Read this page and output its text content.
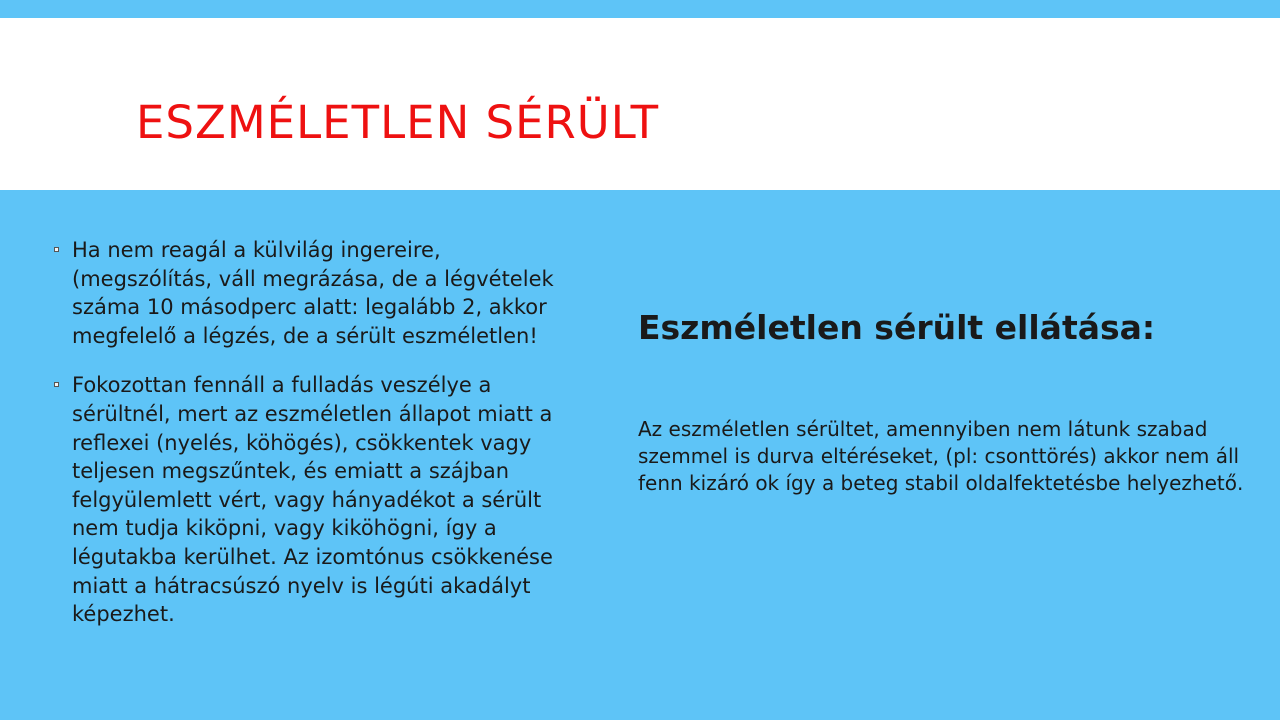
ESZMÉLETLEN SÉRÜLT
Ha nem reagál a külvilág ingereire, (megszólítás, váll megrázása, de a légvételek száma 10 másodperc alatt: legalább 2, akkor megfelelő a légzés, de a sérült eszméletlen!
Fokozottan fennáll a fulladás veszélye a sérültnél, mert az eszméletlen állapot miatt a reflexei (nyelés, köhögés), csökkentek vagy teljesen megszűntek, és emiatt a szájban felgyülemlett vért, vagy hányadékot a sérült nem tudja kiköpni, vagy kiköhögni, így a légutakba kerülhet. Az izomtónus csökkenése miatt a hátracsúszó nyelv is légúti akadályt képezhet.
Eszméletlen sérült ellátása:

Az eszméletlen sérültet, amennyiben nem látunk szabad szemmel is durva eltéréseket, (pl: csonttörés) akkor nem áll fenn kizáró ok így a beteg stabil oldalfektetésbe helyezhető.
